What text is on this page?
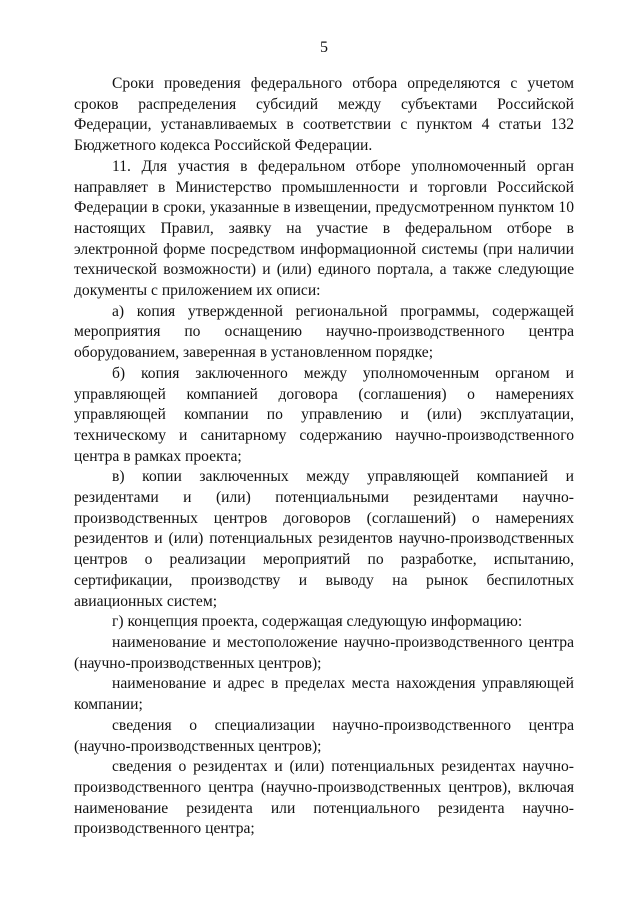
5

Сроки проведения федерального отбора определяются с учетом сроков распределения субсидий между субъектами Российской Федерации, устанавливаемых в соответствии с пунктом 4 статьи 132 Бюджетного кодекса Российской Федерации.

11. Для участия в федеральном отборе уполномоченный орган направляет в Министерство промышленности и торговли Российской Федерации в сроки, указанные в извещении, предусмотренном пунктом 10 настоящих Правил, заявку на участие в федеральном отборе в электронной форме посредством информационной системы (при наличии технической возможности) и (или) единого портала, а также следующие документы с приложением их описи:

а) копия утвержденной региональной программы, содержащей мероприятия по оснащению научно-производственного центра оборудованием, заверенная в установленном порядке;

б) копия заключенного между уполномоченным органом и управляющей компанией договора (соглашения) о намерениях управляющей компании по управлению и (или) эксплуатации, техническому и санитарному содержанию научно-производственного центра в рамках проекта;

в) копии заключенных между управляющей компанией и резидентами и (или) потенциальными резидентами научно-производственных центров договоров (соглашений) о намерениях резидентов и (или) потенциальных резидентов научно-производственных центров о реализации мероприятий по разработке, испытанию, сертификации, производству и выводу на рынок беспилотных авиационных систем;

г) концепция проекта, содержащая следующую информацию:

наименование и местоположение научно-производственного центра (научно-производственных центров);

наименование и адрес в пределах места нахождения управляющей компании;

сведения о специализации научно-производственного центра (научно-производственных центров);

сведения о резидентах и (или) потенциальных резидентах научно-производственного центра (научно-производственных центров), включая наименование резидента или потенциального резидента научно-производственного центра;
